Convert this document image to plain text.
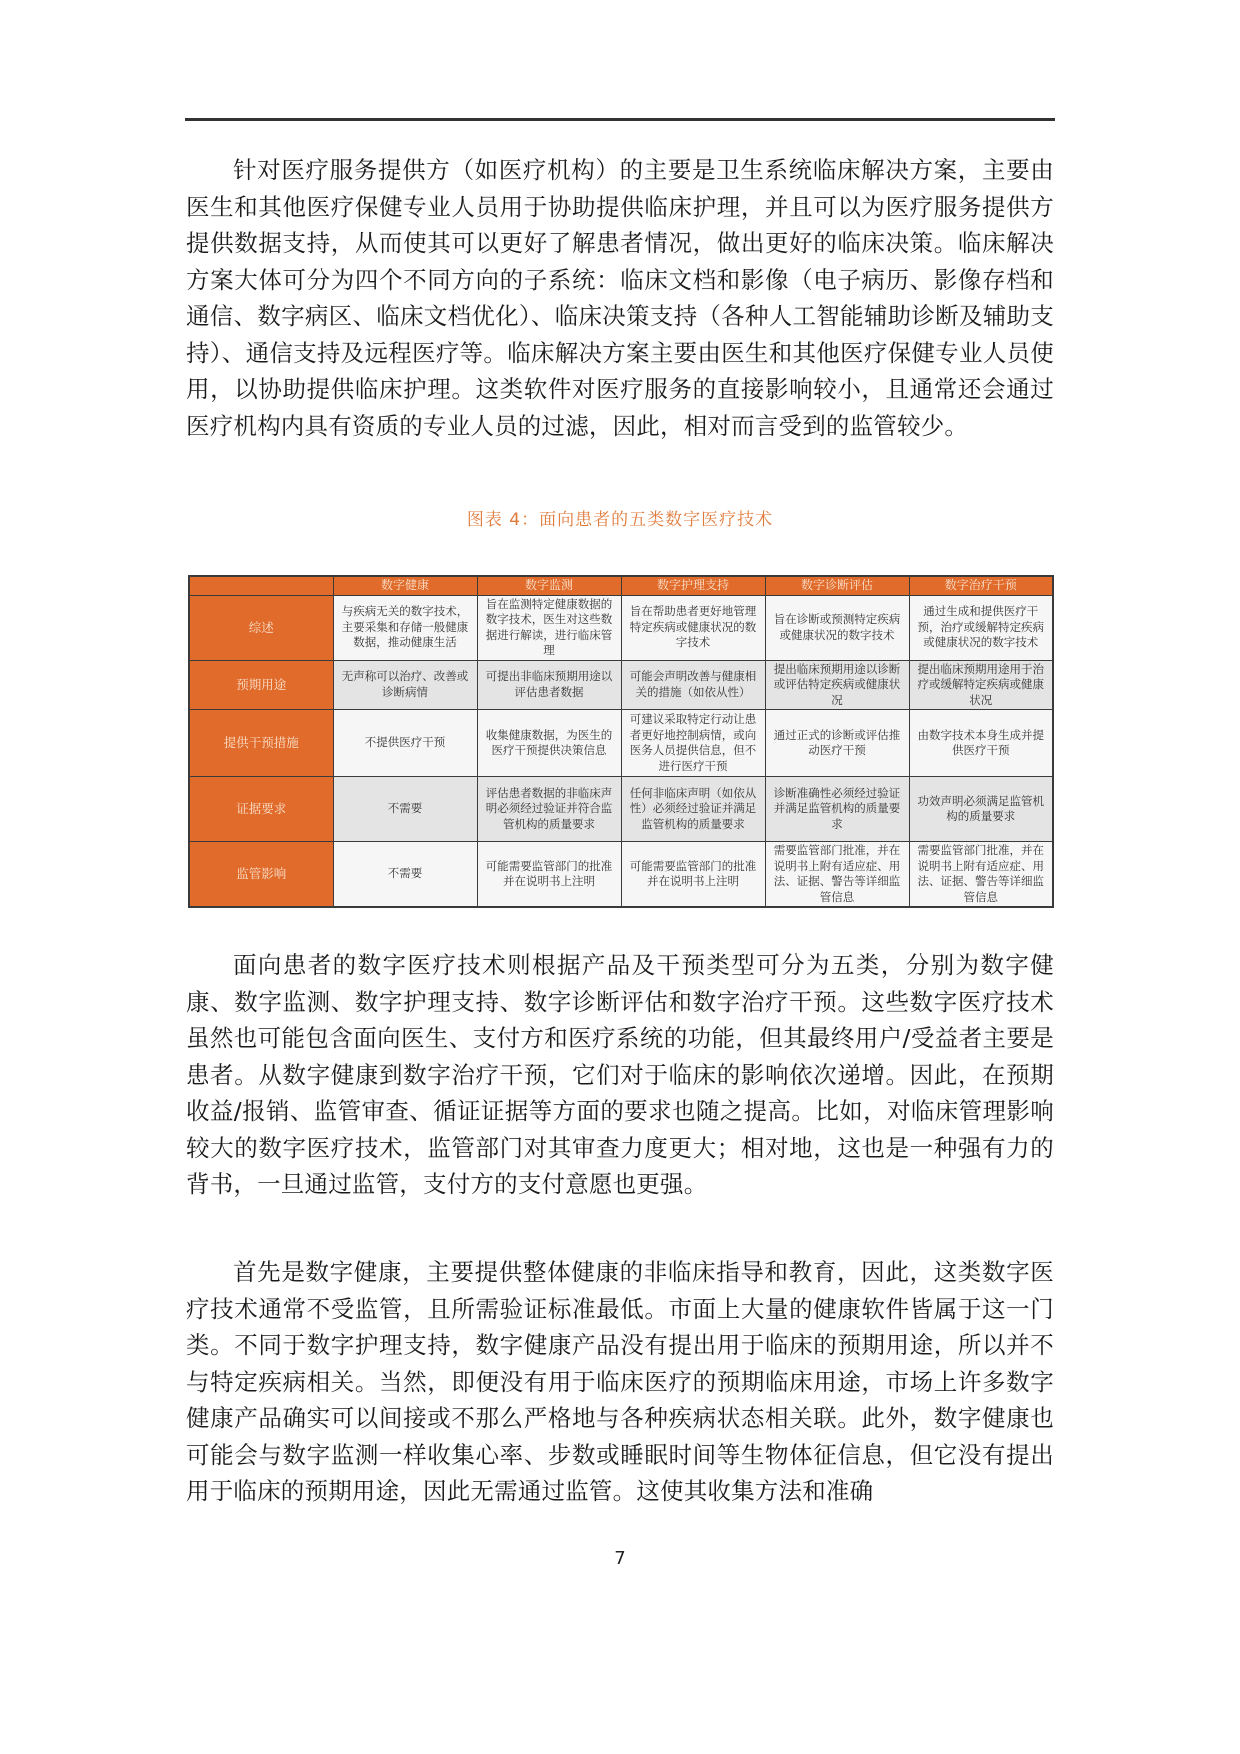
针对医疗服务提供方（如医疗机构）的主要是卫生系统临床解决方案，主要由医生和其他医疗保健专业人员用于协助提供临床护理，并且可以为医疗服务提供方提供数据支持，从而使其可以更好了解患者情况，做出更好的临床决策。临床解决方案大体可分为四个不同方向的子系统：临床文档和影像（电子病历、影像存档和通信、数字病区、临床文档优化）、临床决策支持（各种人工智能辅助诊断及辅助支持）、通信支持及远程医疗等。临床解决方案主要由医生和其他医疗保健专业人员使用，以协助提供临床护理。这类软件对医疗服务的直接影响较小，且通常还会通过医疗机构内具有资质的专业人员的过滤，因此，相对而言受到的监管较少。

图表 4：面向患者的五类数字医疗技术
	数字健康	数字监测	数字护理支持	数字诊断评估	数字治疗干预
综述	与疾病无关的数字技术，主要采集和存储一般健康数据，推动健康生活	旨在监测特定健康数据的数字技术，医生对这些数据进行解读，进行临床管理	旨在帮助患者更好地管理特定疾病或健康状况的数字技术	旨在诊断或预测特定疾病或健康状况的数字技术	通过生成和提供医疗干预，治疗或缓解特定疾病或健康状况的数字技术
预期用途	无声称可以治疗、改善或诊断病情	可提出非临床预期用途以评估患者数据	可能会声明改善与健康相关的措施（如依从性）	提出临床预期用途以诊断或评估特定疾病或健康状况	提出临床预期用途用于治疗或缓解特定疾病或健康状况
提供干预措施	不提供医疗干预	收集健康数据，为医生的医疗干预提供决策信息	可建议采取特定行动让患者更好地控制病情，或向医务人员提供信息，但不进行医疗干预	通过正式的诊断或评估推动医疗干预	由数字技术本身生成并提供医疗干预
证据要求	不需要	评估患者数据的非临床声明必须经过验证并符合监管机构的质量要求	任何非临床声明（如依从性）必须经过验证并满足监管机构的质量要求	诊断准确性必须经过验证并满足监管机构的质量要求	功效声明必须满足监管机构的质量要求
监管影响	不需要	可能需要监管部门的批准并在说明书上注明	可能需要监管部门的批准并在说明书上注明	需要监管部门批准，并在说明书上附有适应症、用法、证据、警告等详细监管信息	需要监管部门批准，并在说明书上附有适应症、用法、证据、警告等详细监管信息

面向患者的数字医疗技术则根据产品及干预类型可分为五类，分别为数字健康、数字监测、数字护理支持、数字诊断评估和数字治疗干预。这些数字医疗技术虽然也可能包含面向医生、支付方和医疗系统的功能，但其最终用户/受益者主要是患者。从数字健康到数字治疗干预，它们对于临床的影响依次递增。因此，在预期收益/报销、监管审查、循证证据等方面的要求也随之提高。比如，对临床管理影响较大的数字医疗技术，监管部门对其审查力度更大；相对地，这也是一种强有力的背书，一旦通过监管，支付方的支付意愿也更强。

首先是数字健康，主要提供整体健康的非临床指导和教育，因此，这类数字医疗技术通常不受监管，且所需验证标准最低。市面上大量的健康软件皆属于这一门类。不同于数字护理支持，数字健康产品没有提出用于临床的预期用途，所以并不与特定疾病相关。当然，即便没有用于临床医疗的预期临床用途，市场上许多数字健康产品确实可以间接或不那么严格地与各种疾病状态相关联。此外，数字健康也可能会与数字监测一样收集心率、步数或睡眠时间等生物体征信息，但它没有提出用于临床的预期用途，因此无需通过监管。这使其收集方法和准确

7
